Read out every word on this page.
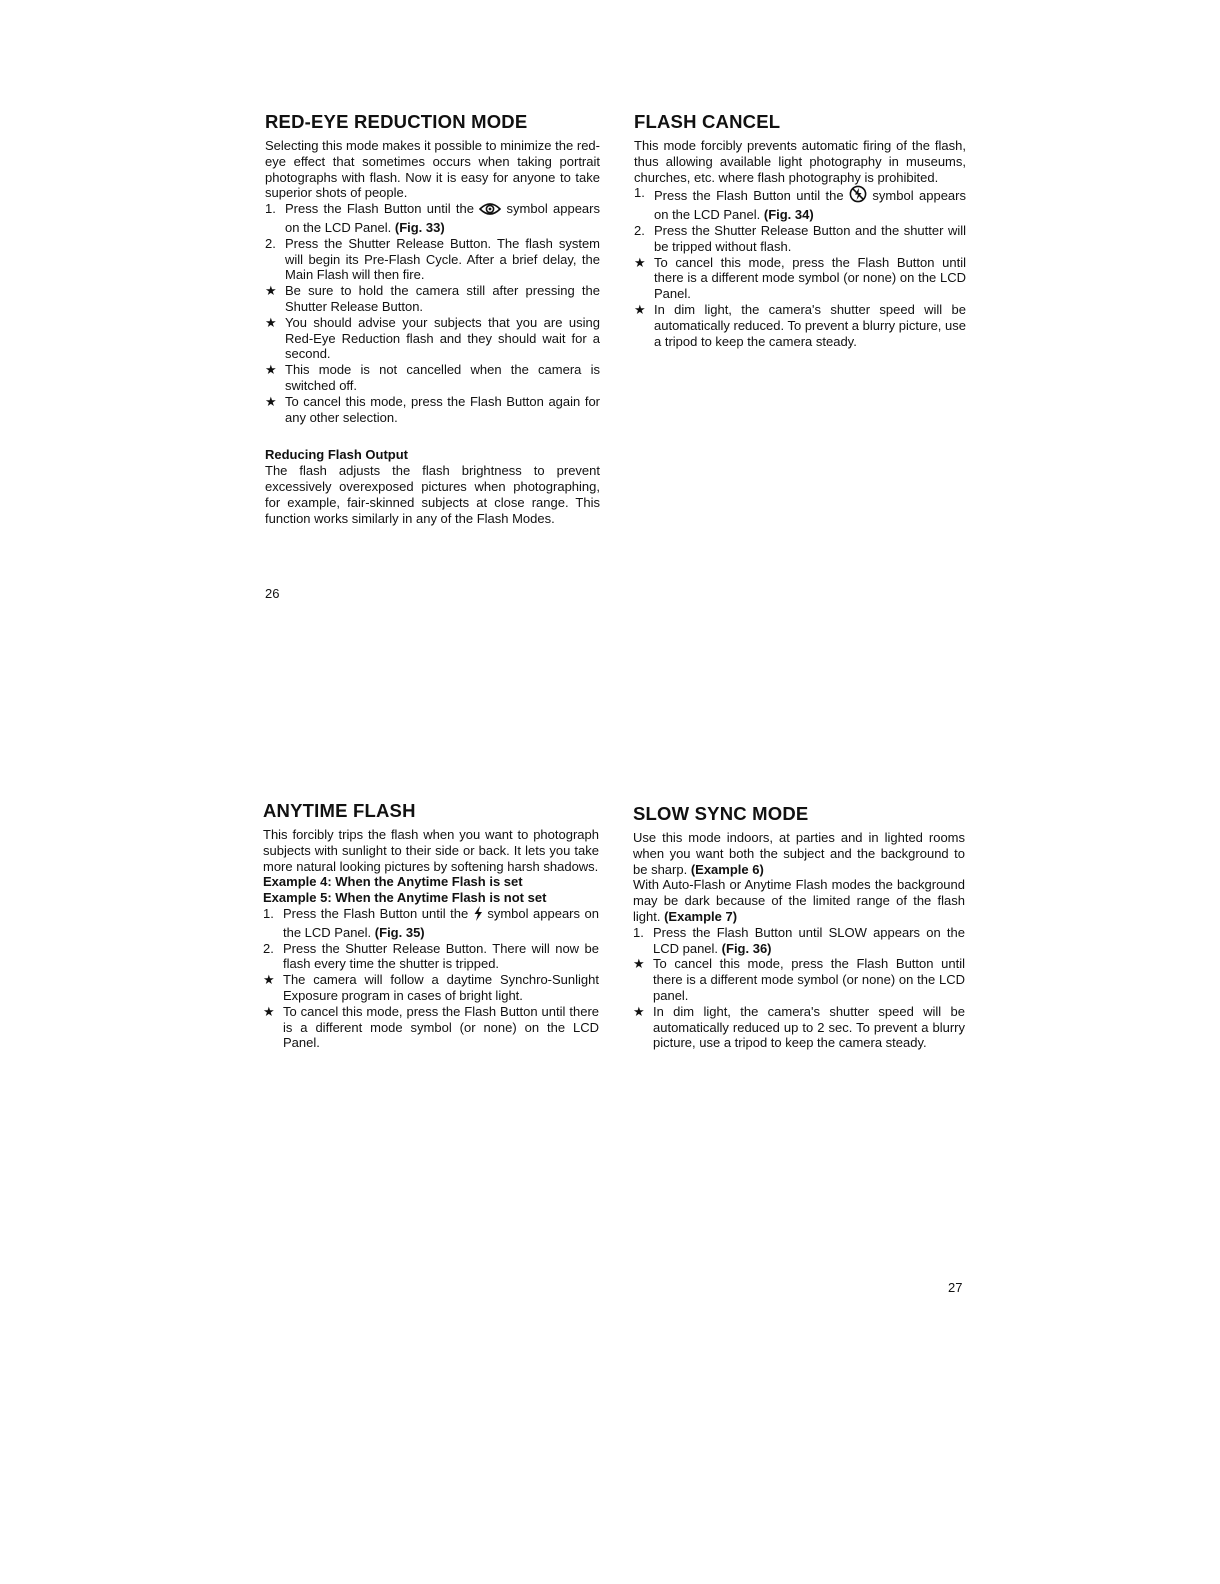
RED-EYE REDUCTION MODE

Selecting this mode makes it possible to minimize the red-eye effect that sometimes occurs when taking portrait photographs with flash. Now it is easy for anyone to take superior shots of people.

1. Press the Flash Button until the	symbol appears on the LCD Panel. (Fig. 33)
2. Press the Shutter Release Button. The flash system will begin its Pre-Flash Cycle. After a brief delay, the Main Flash will then fire.
★ Be sure to hold the camera still after pressing the Shutter Release Button.
★ You should advise your subjects that you are using Red-Eye Reduction flash and they should wait for a second.
★ This mode is not cancelled when the camera is switched off.
★ To cancel this mode, press the Flash Button again for any other selection.
Reducing Flash Output

The flash adjusts the flash brightness to prevent excessively overexposed pictures when photographing, for example, fair-skinned subjects at close range. This function works similarly in any of the Flash Modes.

FLASH CANCEL

This mode forcibly prevents automatic firing of the flash, thus allowing available light photography in museums, churches, etc. where flash photography is prohibited.

1. Press the Flash Button until the symbol appears on the LCD Panel. (Fig. 34)
2. Press the Shutter Release Button and the shutter will be tripped without flash.
★ To cancel this mode, press the Flash Button until there is a different mode symbol (or none) on the LCD Panel.
★ In dim light, the camera's shutter speed will be automatically reduced. To prevent a blurry picture, use a tripod to keep the camera steady.
26
ANYTIME FLASH

This forcibly trips the flash when you want to photograph subjects with sunlight to their side or back. It lets you take more natural looking pictures by softening harsh shadows.

Example 4: When the Anytime Flash is set

Example 5: When the Anytime Flash is not set

1. Press the Flash Button until the symbol appears on the LCD Panel. (Fig. 35)
2. Press the Shutter Release Button. There will now be flash every time the shutter is tripped.
★ The camera will follow a daytime Synchro-Sunlight Exposure program in cases of bright light.
★ To cancel this mode, press the Flash Button until there is a different mode symbol (or none) on the LCD Panel.
SLOW SYNC MODE

Use this mode indoors, at parties and in lighted rooms when you want both the subject and the background to be sharp. (Example 6)

With Auto-Flash or Anytime Flash modes the background may be dark because of the limited range of the flash light. (Example 7)

1. Press the Flash Button until SLOW appears on the LCD panel. (Fig. 36)
★ To cancel this mode, press the Flash Button until there is a different mode symbol (or none) on the LCD panel.
★ In dim light, the camera's shutter speed will be automatically reduced up to 2 sec. To prevent a blurry picture, use a tripod to keep the camera steady.
27
